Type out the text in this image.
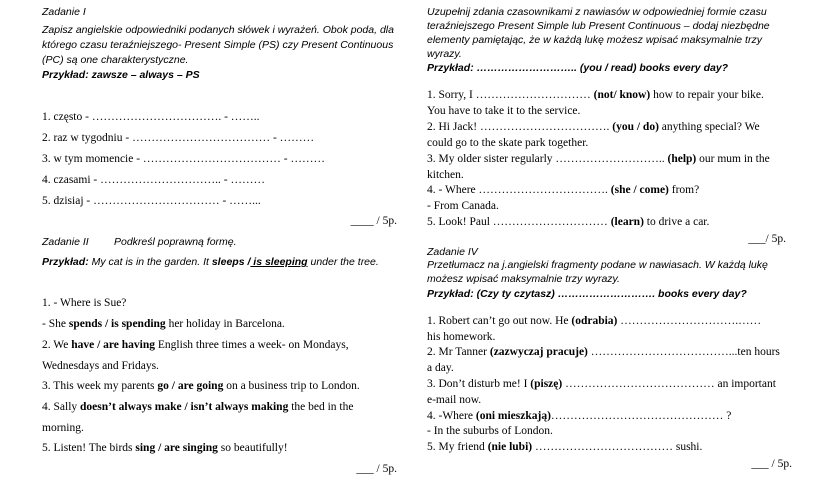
Zadanie I
Zapisz angielskie odpowiedniki podanych słówek i wyrażeń. Obok poda, dla
którego czasu teraźniejszego- Present Simple (PS) czy Present Continuous
(PC) są one charakterystyczne.
Przykład: zawsze – always – PS
1. często - ……………………………. - ……..
2. raz w tygodniu - ……………………………… - ………
3. w tym momencie - ……………………………… - ………
4. czasami - ………………………….. - ………
5. dzisiaj - …………………………… - ……...
____ / 5p.
Zadanie II Podkreśl poprawną formę.
Przykład: My cat is in the garden. It sleeps / is sleeping under the tree.
1. - Where is Sue?
- She spends / is spending her holiday in Barcelona.
2. We have / are having English three times a week- on Mondays,
Wednesdays and Fridays.
3. This week my parents go / are going on a business trip to London.
4. Sally doesn’t always make / isn’t always making the bed in the
morning.
5. Listen! The birds sing / are singing so beautifully!
___ / 5p.
Uzupełnij zdania czasownikami z nawiasów w odpowiedniej formie czasu
teraźniejszego Present Simple lub Present Continuous – dodaj niezbędne
elementy pamiętając, że w każdą lukę możesz wpisać maksymalnie trzy
wyrazy.
Przykład: ……………………….. (you / read) books every day?
1. Sorry, I ………………………… (not/ know) how to repair your bike.
You have to take it to the service.
2. Hi Jack! ……………………………. (you / do) anything special? We
could go to the skate park together.
3. My older sister regularly ……………………….. (help) our mum in the
kitchen.
4. - Where ……………………………. (she / come) from?
- From Canada.
5. Look! Paul ………………………… (learn) to drive a car.
___/ 5p.
Zadanie IV
Przetłumacz na j.angielski fragmenty podane w nawiasach. W każdą lukę
możesz wpisać maksymalnie trzy wyrazy.
Przykład: (Czy ty czytasz) ………………………. books every day?
1. Robert can’t go out now. He (odrabia) ………………………….……
his homework.
2. Mr Tanner (zazwyczaj pracuje) ………………………………...ten hours
a day.
3. Don’t disturb me! I (piszę) ………………………………… an important
e-mail now.
4. -Where (oni mieszkają)……………………………………… ?
- In the suburbs of London.
5. My friend (nie lubi) ……………………………… sushi.
___ / 5p.
